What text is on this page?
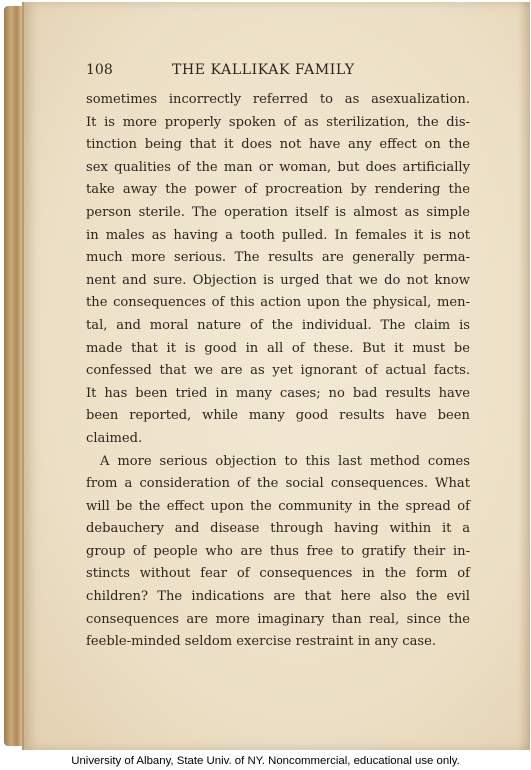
108	THE KALLIKAK FAMILY
sometimes incorrectly referred to as asexualization.
It is more properly spoken of as sterilization, the dis-
tinction being that it does not have any effect on the
sex qualities of the man or woman, but does artificially
take away the power of procreation by rendering the
person sterile. The operation itself is almost as simple
in males as having a tooth pulled. In females it is not
much more serious. The results are generally perma-
nent and sure. Objection is urged that we do not know
the consequences of this action upon the physical, men-
tal, and moral nature of the individual. The claim is
made that it is good in all of these. But it must be
confessed that we are as yet ignorant of actual facts.
It has been tried in many cases; no bad results have
been reported, while many good results have been
claimed.
A more serious objection to this last method comes
from a consideration of the social consequences. What
will be the effect upon the community in the spread of
debauchery and disease through having within it a
group of people who are thus free to gratify their in-
stincts without fear of consequences in the form of
children? The indications are that here also the evil
consequences are more imaginary than real, since the
feeble-minded seldom exercise restraint in any case.
University of Albany, State Univ. of NY. Noncommercial, educational use only.
